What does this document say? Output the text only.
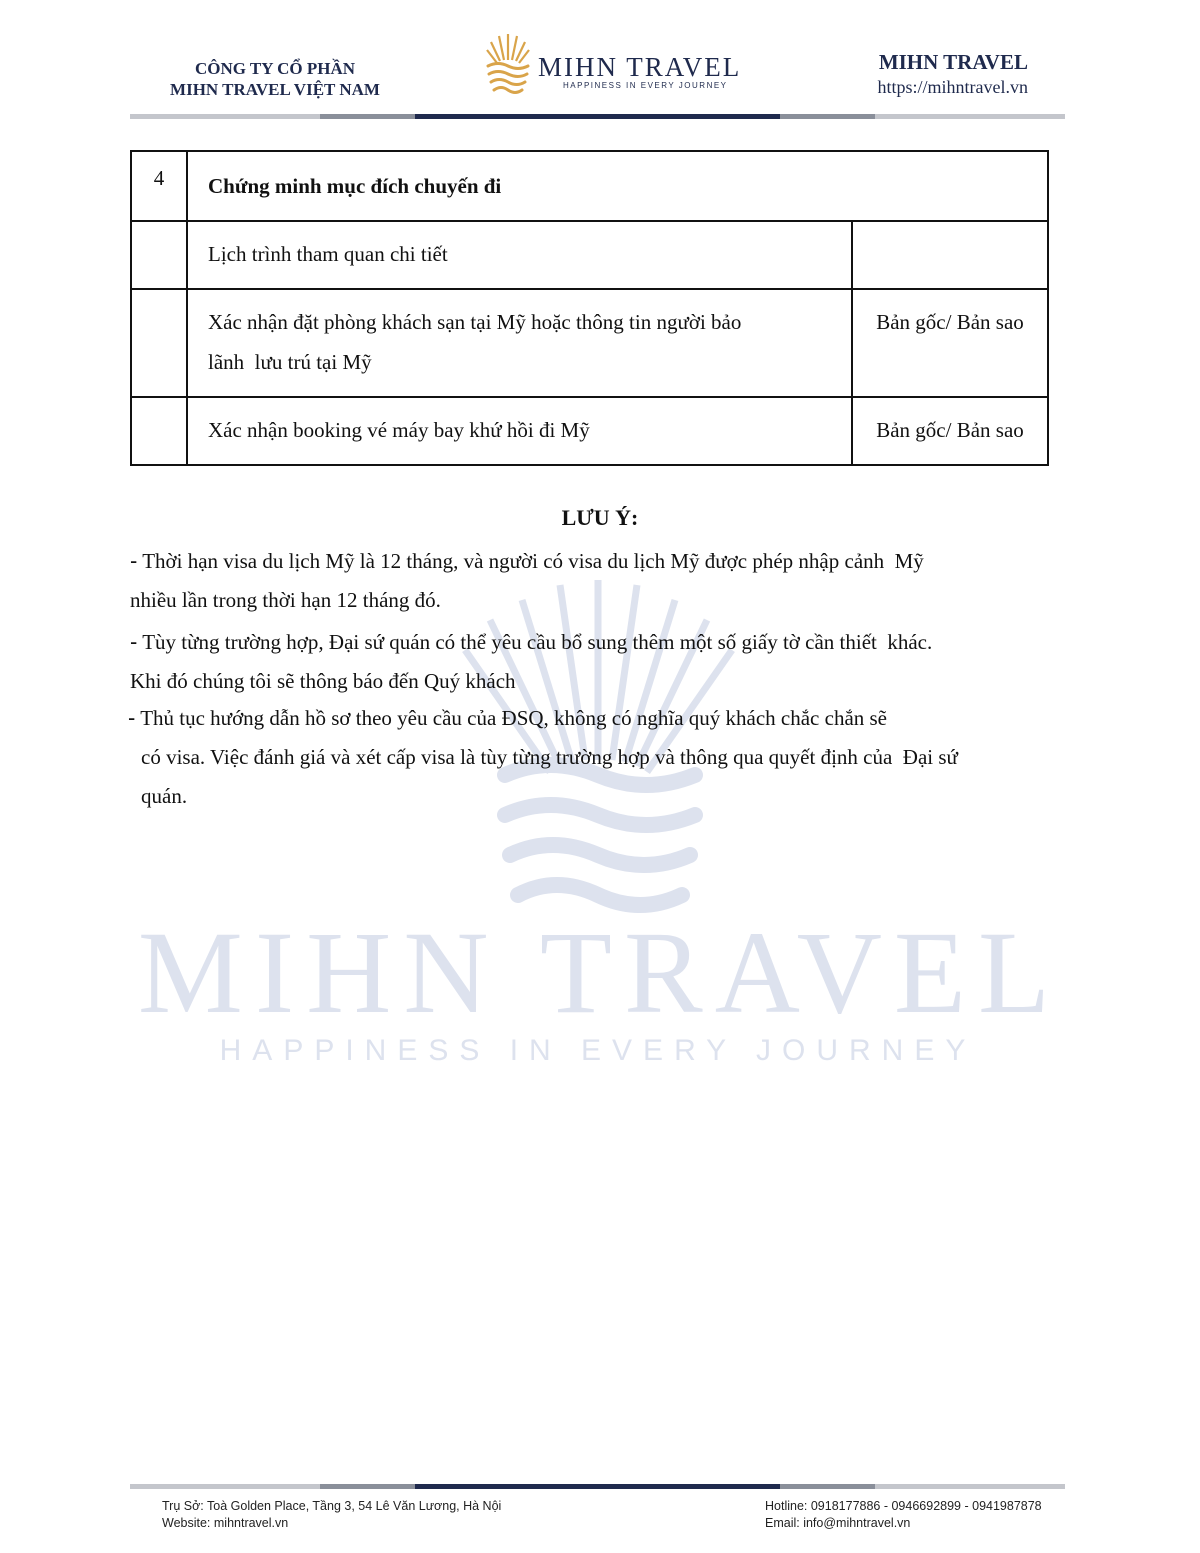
MIHN TRAVEL
HAPPINESS IN EVERY JOURNEY
CÔNG TY CỔ PHẦN
MIHN TRAVEL VIỆT NAM
MIHN TRAVEL
HAPPINESS IN EVERY JOURNEY
MIHN TRAVEL
https://mihntravel.vn
4	Chứng minh mục đích chuyến đi	
	Lịch trình tham quan chi tiết	

	Xác nhận đặt phòng khách sạn tại Mỹ hoặc thông tin người bảo
lãnh  lưu trú tại Mỹ	Bản gốc/ Bản sao
	Xác nhận booking vé máy bay khứ hồi đi Mỹ	Bản gốc/ Bản sao
LƯU Ý:
- Thời hạn visa du lịch Mỹ là 12 tháng, và người có visa du lịch Mỹ được phép nhập cảnh  Mỹ
nhiều lần trong thời hạn 12 tháng đó.
- Tùy từng trường hợp, Đại sứ quán có thể yêu cầu bổ sung thêm một số giấy tờ cần thiết  khác.
Khi đó chúng tôi sẽ thông báo đến Quý khách
- Thủ tục hướng dẫn hồ sơ theo yêu cầu của ĐSQ, không có nghĩa quý khách chắc chắn sẽ
có visa. Việc đánh giá và xét cấp visa là tùy từng trường hợp và thông qua quyết định của  Đại sứ
quán.
Trụ Sở: Toà Golden Place, Tầng 3, 54 Lê Văn Lương, Hà Nội
Website: mihntravel.vn
Hotline: 0918177886 - 0946692899 - 0941987878
Email: info@mihntravel.vn
